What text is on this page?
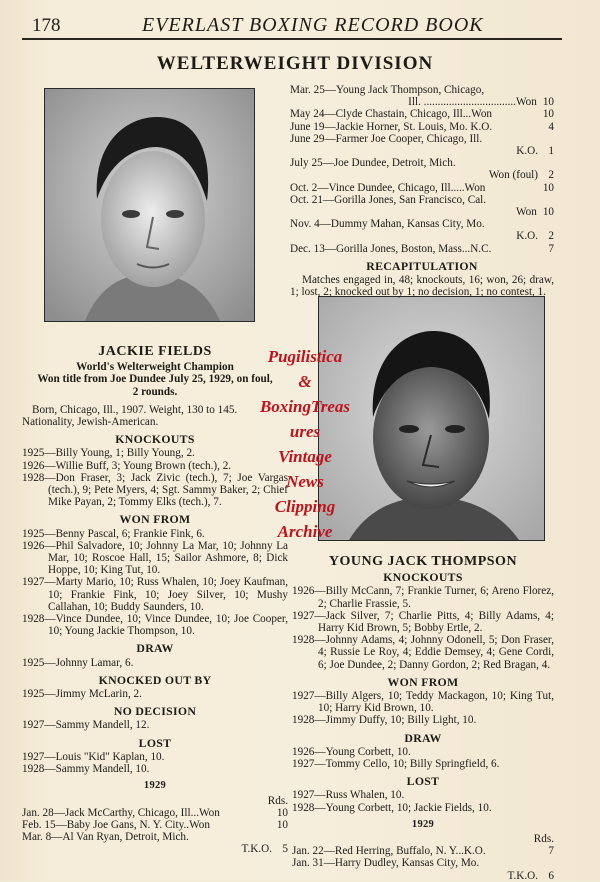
178	EVERLAST BOXING RECORD BOOK
WELTERWEIGHT DIVISION
Mar. 25—Young Jack Thompson, Chicago,
Ill. .................................Won 10
May 24—Clyde Chastain, Chicago, Ill...Won	10
June 19—Jackie Horner, St. Louis, Mo. K.O.	4
June 29—Farmer Joe Cooper, Chicago, Ill.
K.O. 1
July 25—Joe Dundee, Detroit, Mich.
Won (foul) 2
Oct. 2—Vince Dundee, Chicago, Ill.....Won	10
Oct. 21—Gorilla Jones, San Francisco, Cal.
Won 10
Nov. 4—Dummy Mahan, Kansas City, Mo.
K.O. 2
Dec. 13—Gorilla Jones, Boston, Mass...N.C.	7
RECAPITULATION
Matches engaged in, 48; knockouts, 16; won, 26; draw, 1; lost, 2; knocked out by 1; no decision, 1; no contest, 1.
JACKIE FIELDS
World's Welterweight Champion
Won title from Joe Dundee July 25, 1929, on foul,
2 rounds.
Born, Chicago, Ill., 1907. Weight, 130 to 145. Nationality, Jewish-American.
KNOCKOUTS
1925—Billy Young, 1; Billy Young, 2.
1926—Willie Buff, 3; Young Brown (tech.), 2.
1928—Don Fraser, 3; Jack Zivic (tech.), 7; Joe Vargas (tech.), 9; Pete Myers, 4; Sgt. Sammy Baker, 2; Chief Mike Payan, 2; Tommy Elks (tech.), 7.
WON FROM
1925—Benny Pascal, 6; Frankie Fink, 6.
1926—Phil Salvadore, 10; Johnny La Mar, 10; Johnny La Mar, 10; Roscoe Hall, 15; Sailor Ashmore, 8; Dick Hoppe, 10; King Tut, 10.
1927—Marty Mario, 10; Russ Whalen, 10; Joey Kaufman, 10; Frankie Fink, 10; Joey Silver, 10; Mushy Callahan, 10; Buddy Saunders, 10.
1928—Vince Dundee, 10; Vince Dundee, 10; Joe Cooper, 10; Young Jackie Thompson, 10.
DRAW
1925—Johnny Lamar, 6.
KNOCKED OUT BY
1925—Jimmy McLarin, 2.
NO DECISION
1927—Sammy Mandell, 12.
LOST
1927—Louis "Kid" Kaplan, 10.
1928—Sammy Mandell, 10.
1929
Rds.
Jan. 28—Jack McCarthy, Chicago, Ill...Won	10
Feb. 15—Baby Joe Gans, N. Y. City..Won	10
Mar. 8—Al Van Ryan, Detroit, Mich.
T.K.O. 5
YOUNG JACK THOMPSON
KNOCKOUTS
1926—Billy McCann, 7; Frankie Turner, 6; Areno Florez, 2; Charlie Frassie, 5.
1927—Jack Silver, 7; Charlie Pitts, 4; Billy Adams, 4; Harry Kid Brown, 5; Bobby Ertle, 2.
1928—Johnny Adams, 4; Johnny Odonell, 5; Don Fraser, 4; Russie Le Roy, 4; Eddie Demsey, 4; Gene Cordi, 6; Joe Dundee, 2; Danny Gordon, 2; Red Bragan, 4.
WON FROM
1927—Billy Algers, 10; Teddy Mackagon, 10; King Tut, 10; Harry Kid Brown, 10.
1928—Jimmy Duffy, 10; Billy Light, 10.
DRAW
1926—Young Corbett, 10.
1927—Tommy Cello, 10; Billy Springfield, 6.
LOST
1927—Russ Whalen, 10.
1928—Young Corbett, 10; Jackie Fields, 10.
1929
Rds.
Jan. 22—Red Herring, Buffalo, N. Y...K.O.	7
Jan. 31—Harry Dudley, Kansas City, Mo.
T.K.O. 6
Pugilistica
&
BoxingTreas
ures
Vintage
News
Clipping
Archive
